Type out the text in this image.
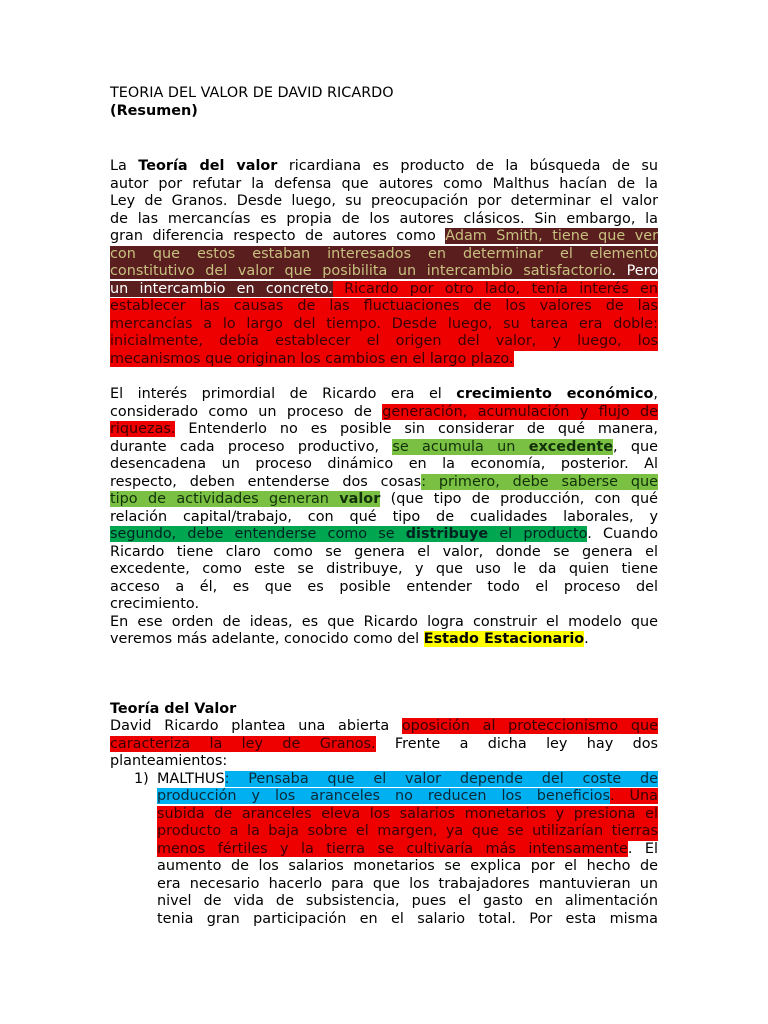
TEORIA DEL VALOR DE DAVID RICARDO
(Resumen)

La Teoría del valor ricardiana es producto de la búsqueda de su
autor por refutar la defensa que autores como Malthus hacían de la
Ley de Granos. Desde luego, su preocupación por determinar el valor
de las mercancías es propia de los autores clásicos. Sin embargo, la
gran diferencia respecto de autores como Adam Smith, tiene que ver
con que estos estaban interesados en determinar el elemento
constitutivo del valor que posibilita un intercambio satisfactorio. Pero
un intercambio en concreto. Ricardo por otro lado, tenía interés en
establecer las causas de las fluctuaciones de los valores de las
mercancías a lo largo del tiempo. Desde luego, su tarea era doble:
inicialmente, debía establecer el origen del valor, y luego, los
mecanismos que originan los cambios en el largo plazo.

El interés primordial de Ricardo era el crecimiento económico,
considerado como un proceso de generación, acumulación y flujo de
riquezas. Entenderlo no es posible sin considerar de qué manera,
durante cada proceso productivo, se acumula un excedente, que
desencadena un proceso dinámico en la economía, posterior. Al
respecto, deben entenderse dos cosas: primero, debe saberse que
tipo de actividades generan valor (que tipo de producción, con qué
relación capital/trabajo, con qué tipo de cualidades laborales, y
segundo, debe entenderse como se distribuye el producto. Cuando
Ricardo tiene claro como se genera el valor, donde se genera el
excedente, como este se distribuye, y que uso le da quien tiene
acceso a él, es que es posible entender todo el proceso del
crecimiento.
En ese orden de ideas, es que Ricardo logra construir el modelo que
veremos más adelante, conocido como del Estado Estacionario.

Teoría del Valor

David Ricardo plantea una abierta oposición al proteccionismo que
caracteriza la ley de Granos. Frente a dicha ley hay dos
planteamientos:

1) MALTHUS: Pensaba que el valor depende del coste de
producción y los aranceles no reducen los beneficios. Una
subida de aranceles eleva los salarios monetarios y presiona el
producto a la baja sobre el margen, ya que se utilizarían tierras
menos fértiles y la tierra se cultivaría más intensamente. El
aumento de los salarios monetarios se explica por el hecho de
era necesario hacerlo para que los trabajadores mantuvieran un
nivel de vida de subsistencia, pues el gasto en alimentación
tenia gran participación en el salario total. Por esta misma
